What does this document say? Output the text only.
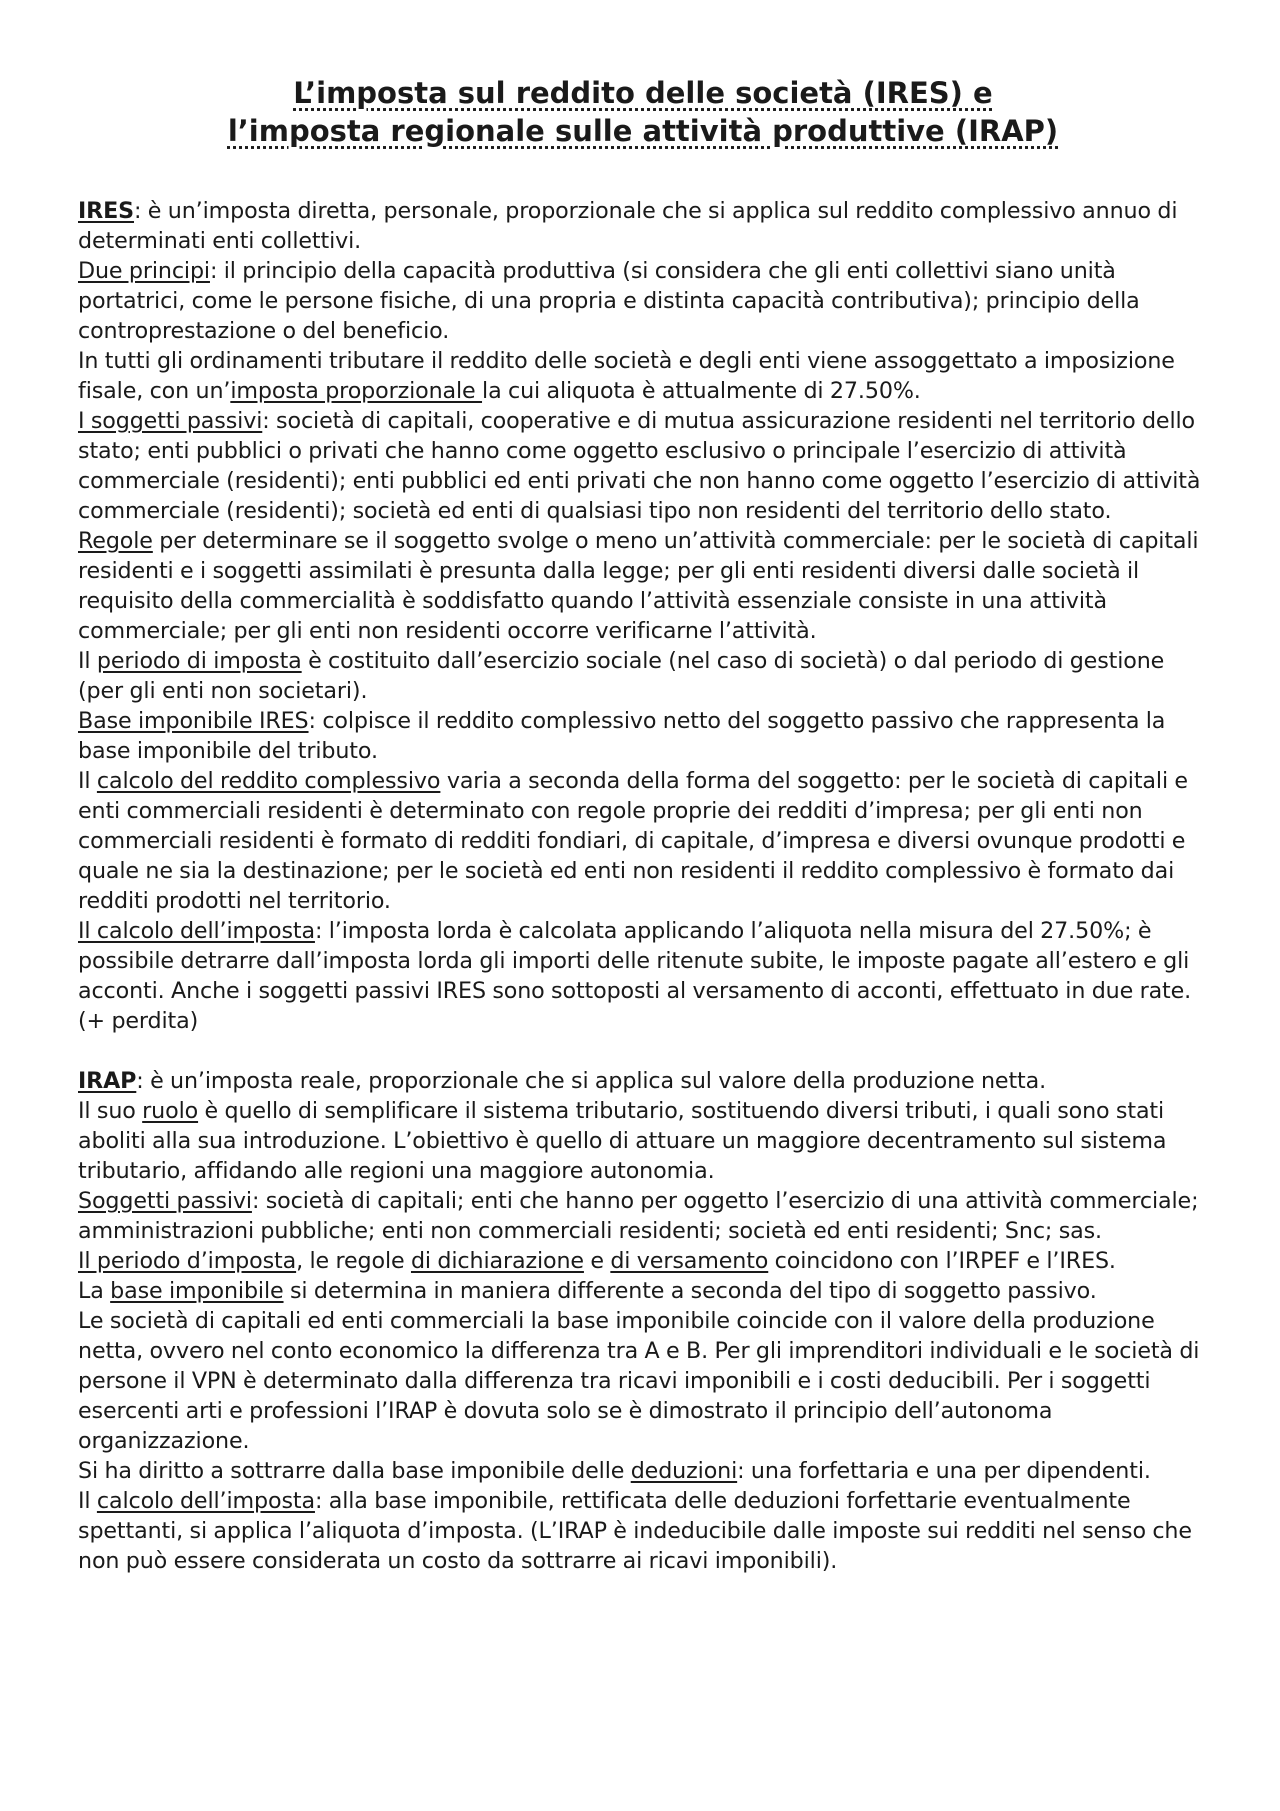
L’imposta sul reddito delle società (IRES) e
l’imposta regionale sulle attività produttive (IRAP)

IRES: è un’imposta diretta, personale, proporzionale che si applica sul reddito complessivo annuo di determinati enti collettivi.

Due principi: il principio della capacità produttiva (si considera che gli enti collettivi siano unità portatrici, come le persone fisiche, di una propria e distinta capacità contributiva); principio della controprestazione o del beneficio.

In tutti gli ordinamenti tributare il reddito delle società e degli enti viene assoggettato a imposizione fisale, con un’imposta proporzionale la cui aliquota è attualmente di 27.50%.

I soggetti passivi: società di capitali, cooperative e di mutua assicurazione residenti nel territorio dello stato; enti pubblici o privati che hanno come oggetto esclusivo o principale l’esercizio di attività commerciale (residenti); enti pubblici ed enti privati che non hanno come oggetto l’esercizio di attività commerciale (residenti); società ed enti di qualsiasi tipo non residenti del territorio dello stato.

Regole per determinare se il soggetto svolge o meno un’attività commerciale: per le società di capitali residenti e i soggetti assimilati è presunta dalla legge; per gli enti residenti diversi dalle società il requisito della commercialità è soddisfatto quando l’attività essenziale consiste in una attività commerciale; per gli enti non residenti occorre verificarne l’attività.

Il periodo di imposta è costituito dall’esercizio sociale (nel caso di società) o dal periodo di gestione (per gli enti non societari).

Base imponibile IRES: colpisce il reddito complessivo netto del soggetto passivo che rappresenta la base imponibile del tributo.

Il calcolo del reddito complessivo varia a seconda della forma del soggetto: per le società di capitali e enti commerciali residenti è determinato con regole proprie dei redditi d’impresa; per gli enti non commerciali residenti è formato di redditi fondiari, di capitale, d’impresa e diversi ovunque prodotti e quale ne sia la destinazione; per le società ed enti non residenti il reddito complessivo è formato dai redditi prodotti nel territorio.

Il calcolo dell’imposta: l’imposta lorda è calcolata applicando l’aliquota nella misura del 27.50%; è possibile detrarre dall’imposta lorda gli importi delle ritenute subite, le imposte pagate all’estero e gli acconti. Anche i soggetti passivi IRES sono sottoposti al versamento di acconti, effettuato in due rate.

(+ perdita)

IRAP: è un’imposta reale, proporzionale che si applica sul valore della produzione netta.

Il suo ruolo è quello di semplificare il sistema tributario, sostituendo diversi tributi, i quali sono stati aboliti alla sua introduzione. L’obiettivo è quello di attuare un maggiore decentramento sul sistema tributario, affidando alle regioni una maggiore autonomia.

Soggetti passivi: società di capitali; enti che hanno per oggetto l’esercizio di una attività commerciale; amministrazioni pubbliche; enti non commerciali residenti; società ed enti residenti; Snc; sas.

Il periodo d’imposta, le regole di dichiarazione e di versamento coincidono con l’IRPEF e l’IRES.

La base imponibile si determina in maniera differente a seconda del tipo di soggetto passivo.

Le società di capitali ed enti commerciali la base imponibile coincide con il valore della produzione netta, ovvero nel conto economico la differenza tra A e B. Per gli imprenditori individuali e le società di persone il VPN è determinato dalla differenza tra ricavi imponibili e i costi deducibili. Per i soggetti esercenti arti e professioni l’IRAP è dovuta solo se è dimostrato il principio dell’autonoma organizzazione.

Si ha diritto a sottrarre dalla base imponibile delle deduzioni: una forfettaria e una per dipendenti.

Il calcolo dell’imposta: alla base imponibile, rettificata delle deduzioni forfettarie eventualmente spettanti, si applica l’aliquota d’imposta. (L’IRAP è indeducibile dalle imposte sui redditi nel senso che non può essere considerata un costo da sottrarre ai ricavi imponibili).
